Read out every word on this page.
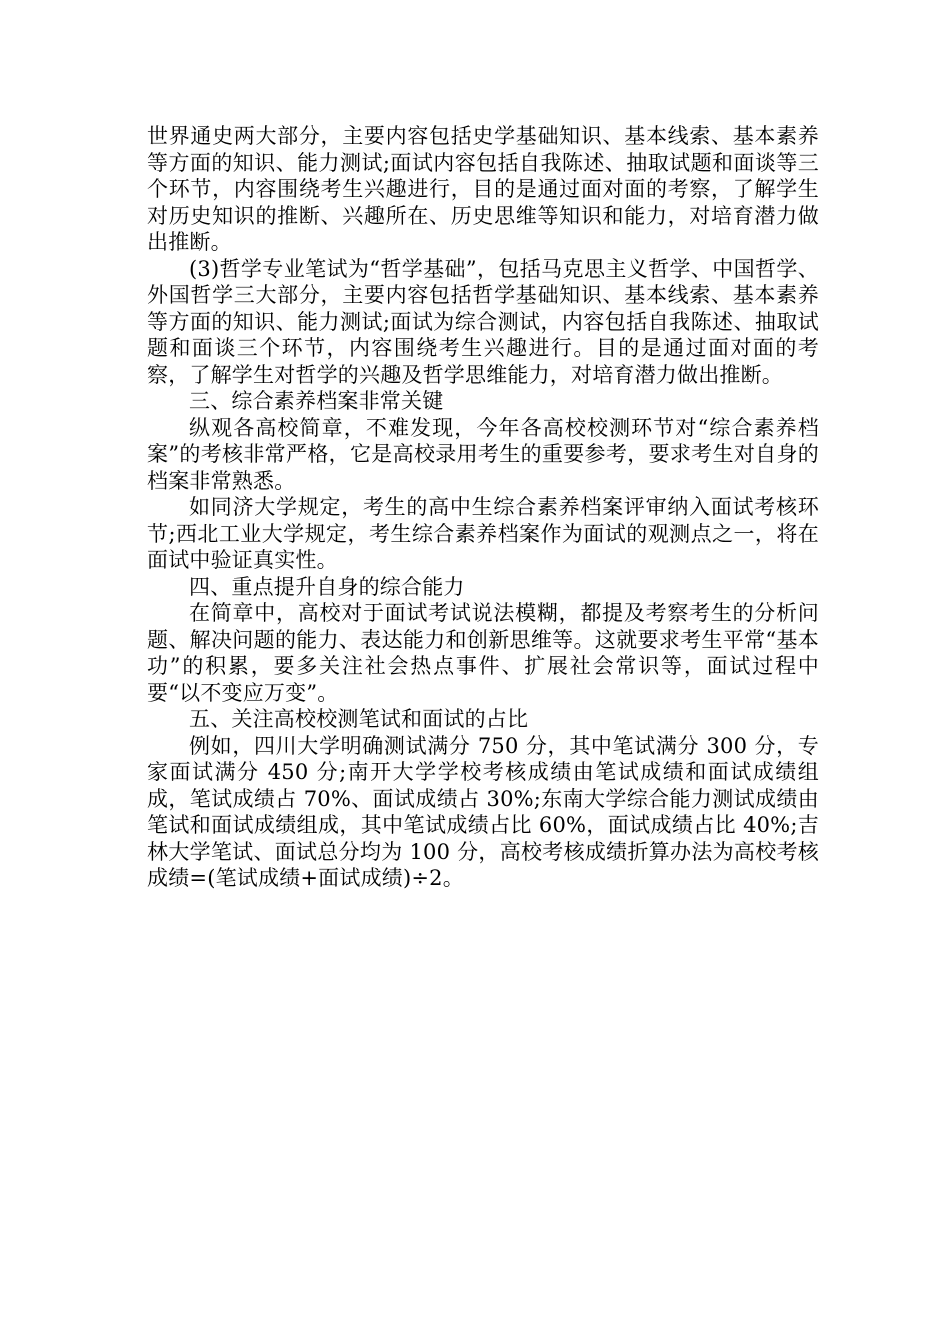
世界通史两大部分，主要内容包括史学基础知识、基本线索、基本素养等方面的知识、能力测试;面试内容包括自我陈述、抽取试题和面谈等三个环节，内容围绕考生兴趣进行，目的是通过面对面的考察，了解学生对历史知识的推断、兴趣所在、历史思维等知识和能力，对培育潜力做出推断。

(3)哲学专业笔试为“哲学基础”，包括马克思主义哲学、中国哲学、外国哲学三大部分，主要内容包括哲学基础知识、基本线索、基本素养等方面的知识、能力测试;面试为综合测试，内容包括自我陈述、抽取试题和面谈三个环节，内容围绕考生兴趣进行。目的是通过面对面的考察，了解学生对哲学的兴趣及哲学思维能力，对培育潜力做出推断。

三、综合素养档案非常关键

纵观各高校简章，不难发现，今年各高校校测环节对“综合素养档案”的考核非常严格，它是高校录用考生的重要参考，要求考生对自身的档案非常熟悉。

如同济大学规定，考生的高中生综合素养档案评审纳入面试考核环节;西北工业大学规定，考生综合素养档案作为面试的观测点之一，将在面试中验证真实性。

四、重点提升自身的综合能力

在简章中，高校对于面试考试说法模糊，都提及考察考生的分析问题、解决问题的能力、表达能力和创新思维等。这就要求考生平常“基本功”的积累，要多关注社会热点事件、扩展社会常识等，面试过程中要“以不变应万变”。

五、关注高校校测笔试和面试的占比

例如，四川大学明确测试满分 750 分，其中笔试满分 300 分，专家面试满分 450 分;南开大学学校考核成绩由笔试成绩和面试成绩组成，笔试成绩占 70%、面试成绩占 30%;东南大学综合能力测试成绩由笔试和面试成绩组成，其中笔试成绩占比 60%，面试成绩占比 40%;吉林大学笔试、面试总分均为 100 分，高校考核成绩折算办法为高校考核成绩=(笔试成绩+面试成绩)÷2。
